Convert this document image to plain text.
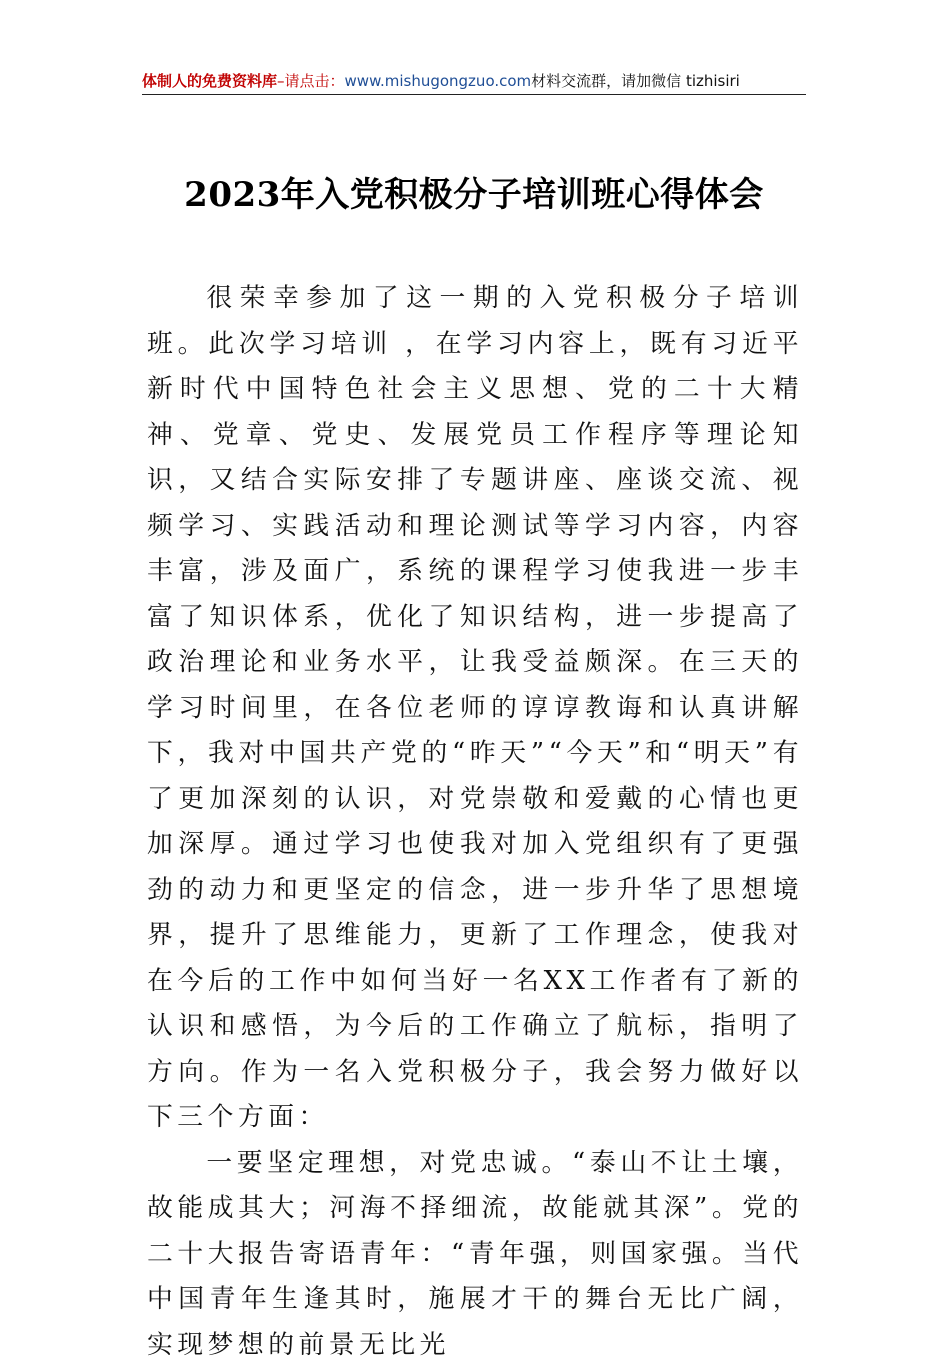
体制人的免费资料库 –请点击： www.mishugongzuo.com 材料交流群，请加微信 tizhisiri
2023年入党积极分子培训班心得体会

很荣幸参加了这一期的入党积极分子培训班。此次学习培训 ，在学习内容上，既有习近平新时代中国特色社会主义思想、党的二十大精神、党章、党史、发展党员工作程序等理论知识，又结合实际安排了专题讲座、座谈交流、视频学习、实践活动和理论测试等学习内容，内容丰富，涉及面广，系统的课程学习使我进一步丰富了知识体系，优化了知识结构，进一步提高了政治理论和业务水平，让我受益颇深。在三天的学习时间里，在各位老师的谆谆教诲和认真讲解下，我对中国共产党的“昨天”“今天”和“明天”有了更加深刻的认识，对党崇敬和爱戴的心情也更加深厚。通过学习也使我对加入党组织有了更强劲的动力和更坚定的信念，进一步升华了思想境界，提升了思维能力，更新了工作理念，使我对在今后的工作中如何当好一名XX工作者有了新的认识和感悟，为今后的工作确立了航标，指明了方向。作为一名入党积极分子，我会努力做好以下三个方面：

一要坚定理想，对党忠诚。“泰山不让土壤，故能成其大；河海不择细流，故能就其深”。党的二十大报告寄语青年：“青年强，则国家强。当代中国青年生逢其时，施展才干的舞台无比广阔，实现梦想的前景无比光
